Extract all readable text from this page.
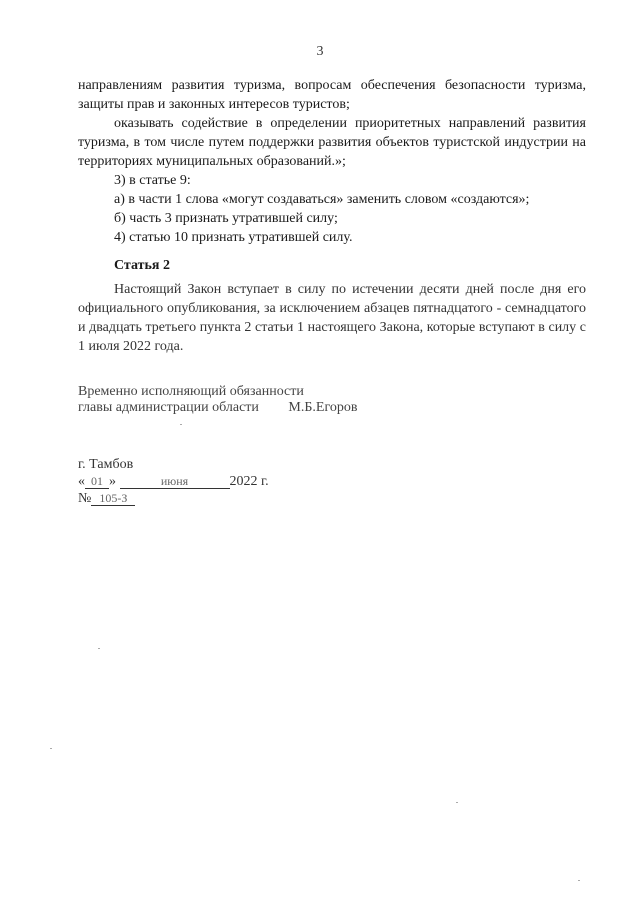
3

направлениям развития туризма, вопросам обеспечения безопасности туризма, защиты прав и законных интересов туристов;

оказывать содействие в определении приоритетных направлений развития туризма, в том числе путем поддержки развития объектов туристской индустрии на территориях муниципальных образований.»;

3) в статье 9:

а) в части 1 слова «могут создаваться» заменить словом «создаются»;

б) часть 3 признать утратившей силу;

4) статью 10 признать утратившей силу.

Статья 2

Настоящий Закон вступает в силу по истечении десяти дней после дня его официального опубликования, за исключением абзацев пятнадцатого - семнадцатого и двадцать третьего пункта 2 статьи 1 настоящего Закона, которые вступают в силу с 1 июля 2022 года.

Временно исполняющий обязанности
главы администрации области М.Б.Егоров
г. Тамбов
« 01 »	июня	2022 г.
№ 105-З
